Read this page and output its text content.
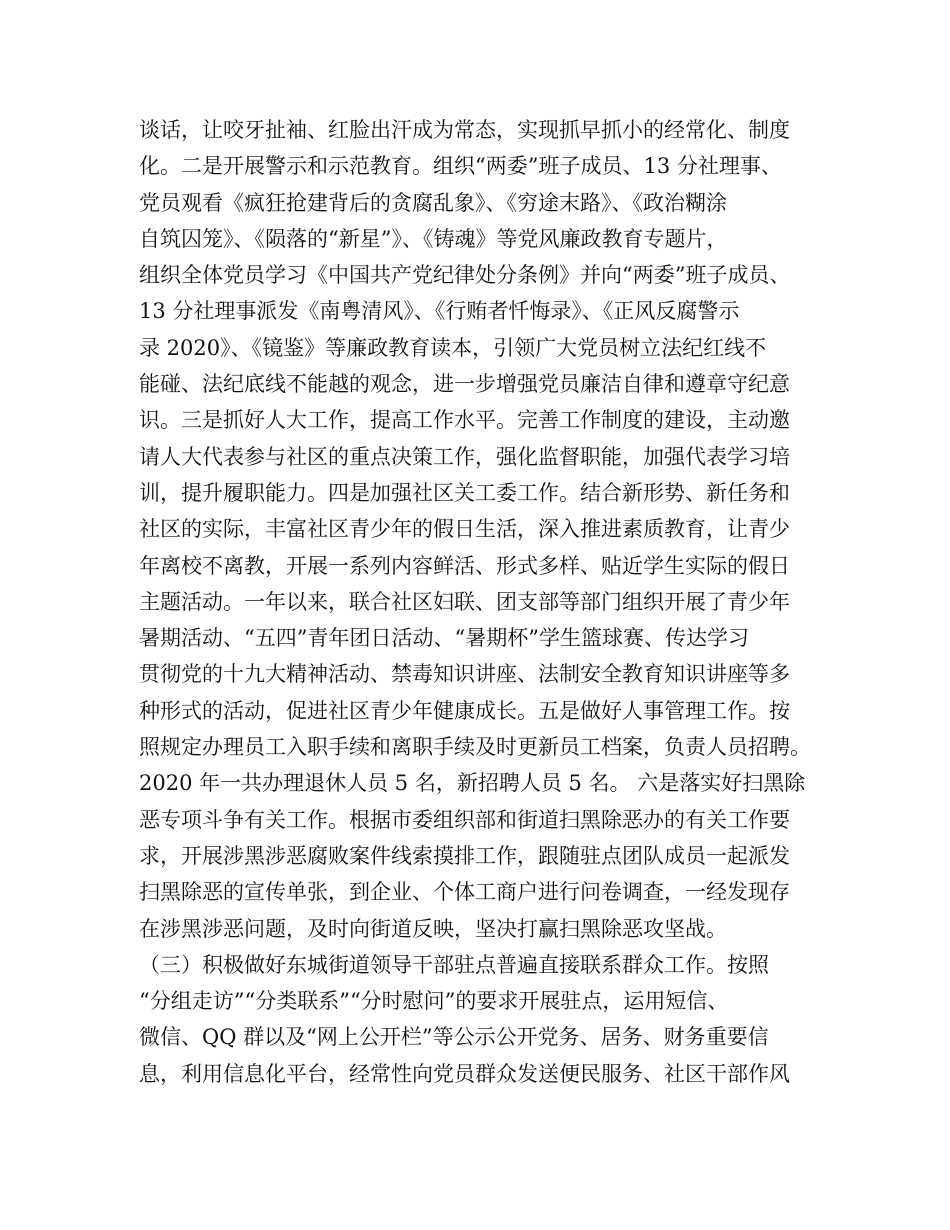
谈话，让咬牙扯袖、红脸出汗成为常态，实现抓早抓小的经常化、制度
化。二是开展警示和示范教育。组织“两委”班子成员、13 分社理事、
党员观看《疯狂抢建背后的贪腐乱象》、《穷途末路》、《政治糊涂
自筑囚笼》、《陨落的“新星”》、《铸魂》等党风廉政教育专题片，
组织全体党员学习《中国共产党纪律处分条例》并向“两委”班子成员、
13 分社理事派发《南粤清风》、《行贿者忏悔录》、《正风反腐警示
录 2020》、《镜鉴》等廉政教育读本，引领广大党员树立法纪红线不
能碰、法纪底线不能越的观念，进一步增强党员廉洁自律和遵章守纪意
识。三是抓好人大工作，提高工作水平。完善工作制度的建设，主动邀
请人大代表参与社区的重点决策工作，强化监督职能，加强代表学习培
训，提升履职能力。四是加强社区关工委工作。结合新形势、新任务和
社区的实际，丰富社区青少年的假日生活，深入推进素质教育，让青少
年离校不离教，开展一系列内容鲜活、形式多样、贴近学生实际的假日
主题活动。一年以来，联合社区妇联、团支部等部门组织开展了青少年
暑期活动、“五四”青年团日活动、“暑期杯”学生篮球赛、传达学习
贯彻党的十九大精神活动、禁毒知识讲座、法制安全教育知识讲座等多
种形式的活动，促进社区青少年健康成长。五是做好人事管理工作。按
照规定办理员工入职手续和离职手续及时更新员工档案，负责人员招聘。
2020 年一共办理退休人员 5 名，新招聘人员 5 名。 六是落实好扫黑除
恶专项斗争有关工作。根据市委组织部和街道扫黑除恶办的有关工作要
求，开展涉黑涉恶腐败案件线索摸排工作，跟随驻点团队成员一起派发
扫黑除恶的宣传单张，到企业、个体工商户进行问卷调查，一经发现存
在涉黑涉恶问题，及时向街道反映，坚决打赢扫黑除恶攻坚战。
（三）积极做好东城街道领导干部驻点普遍直接联系群众工作。按照
“分组走访”“分类联系”“分时慰问”的要求开展驻点，运用短信、
微信、QQ 群以及“网上公开栏”等公示公开党务、居务、财务重要信
息，利用信息化平台，经常性向党员群众发送便民服务、社区干部作风
